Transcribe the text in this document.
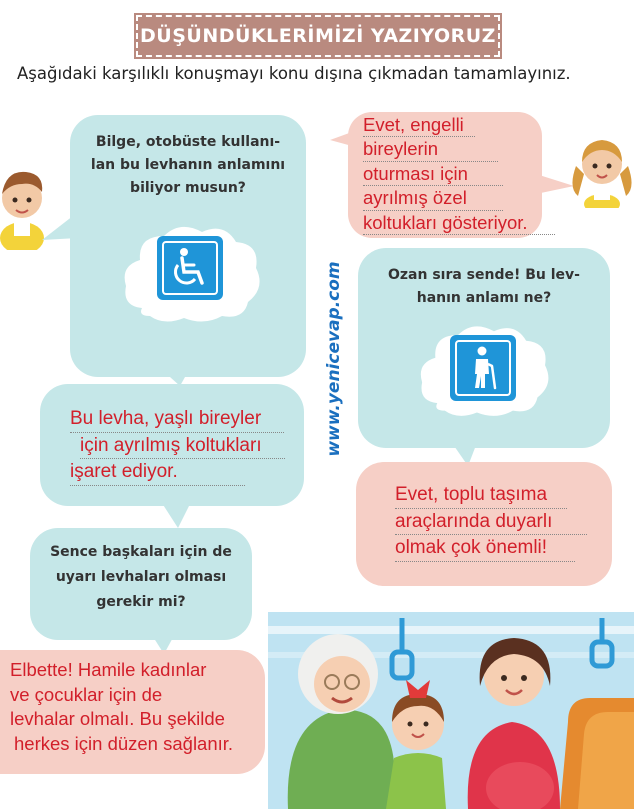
DÜŞÜNDÜKLERİMİZİ YAZIYORUZ
Aşağıdaki karşılıklı konuşmayı konu dışına çıkmadan tamamlayınız.
Bilge, otobüste kullanı-
lan bu levhanın anlamını
biliyor musun?
Evet, engelli
bireylerin
oturması için
ayrılmış özel
koltukları gösteriyor.
www.yenicevap.com	Ozan sıra sende! Bu lev-
hanın anlamı ne?
Bu levha, yaşlı bireyler
için ayrılmış koltukları
işaret ediyor.
Evet, toplu taşıma
araçlarında duyarlı
olmak çok önemli!
Sence başkaları için de
uyarı levhaları olması
gerekir mi?
Elbette! Hamile kadınlar
ve çocuklar için de
levhalar olmalı. Bu şekilde
herkes için düzen sağlanır.
